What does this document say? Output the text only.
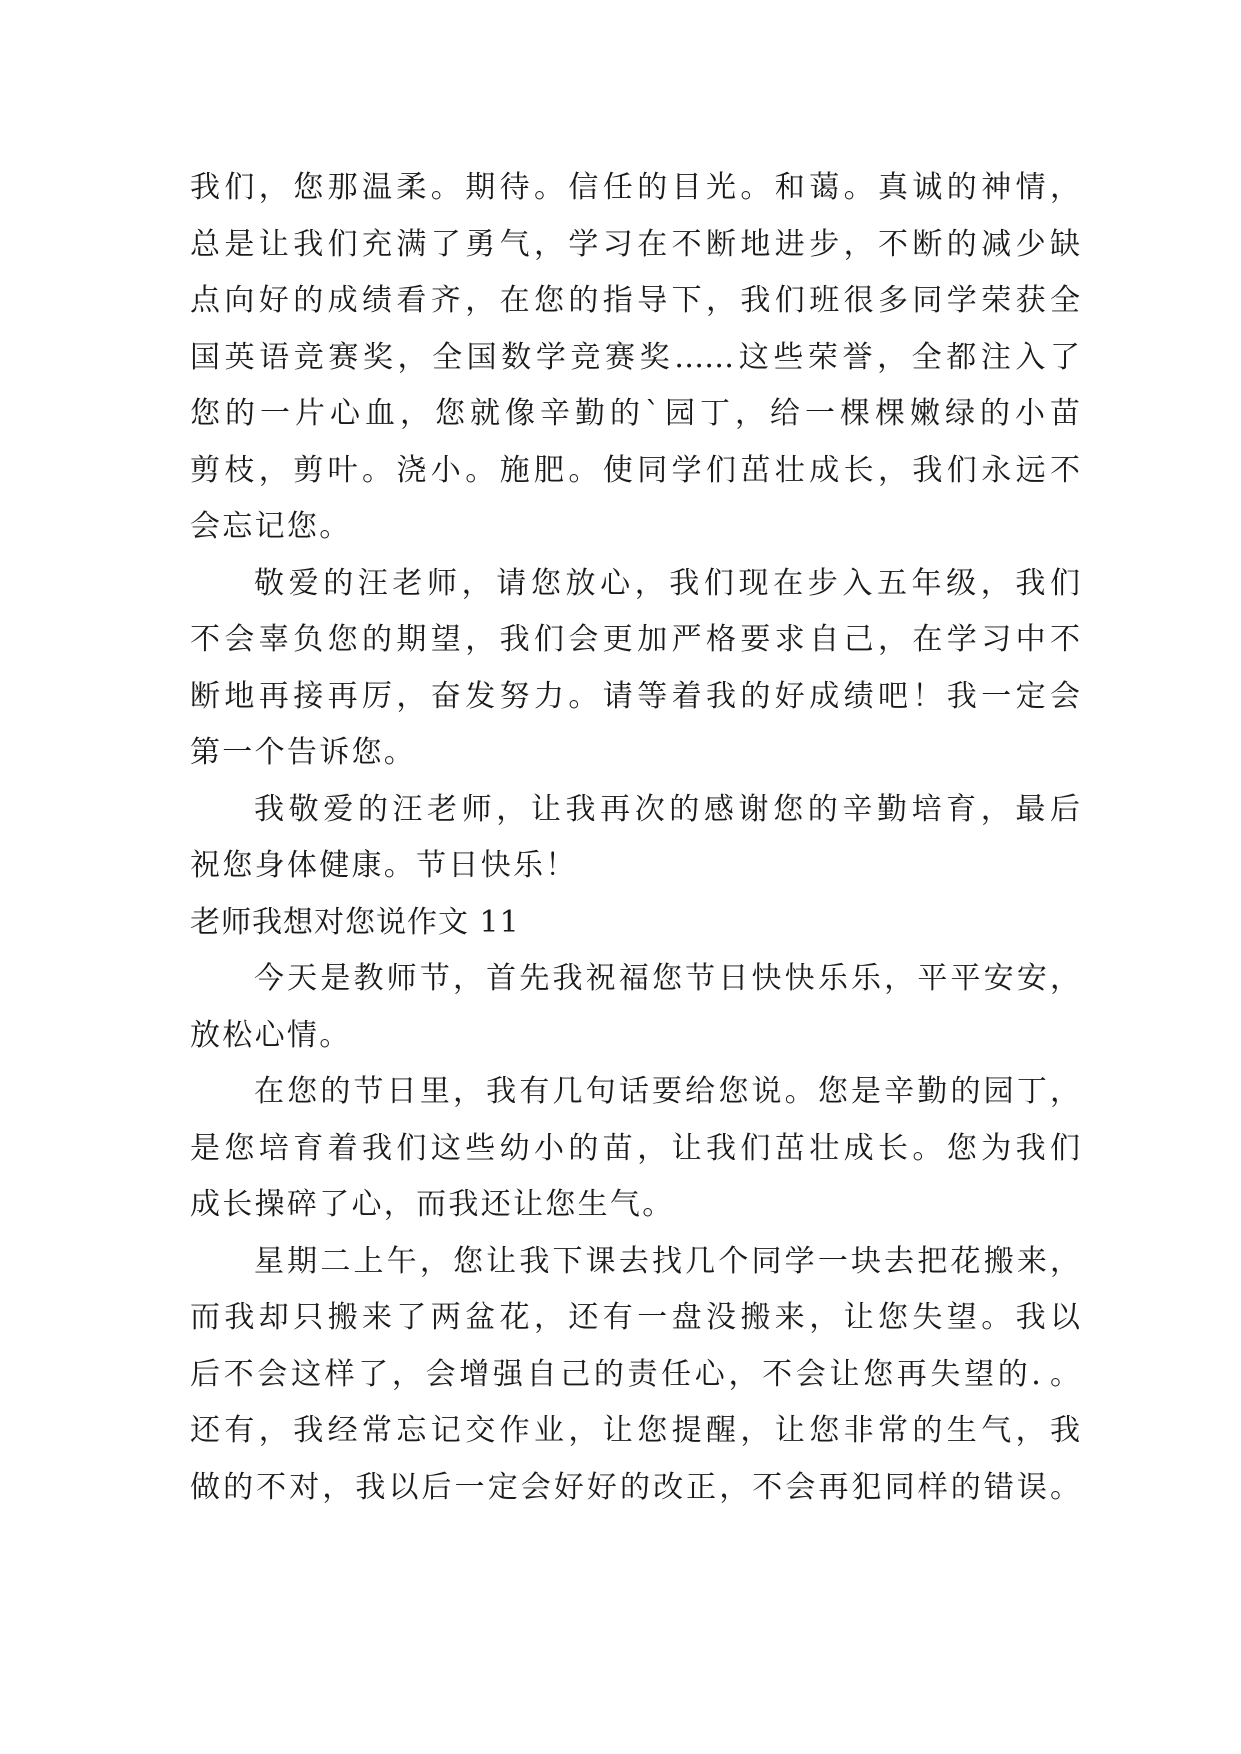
我们，您那温柔。期待。信任的目光。和蔼。真诚的神情，
总是让我们充满了勇气，学习在不断地进步，不断的减少缺
点向好的成绩看齐，在您的指导下，我们班很多同学荣获全
国英语竞赛奖，全国数学竞赛奖……这些荣誉，全都注入了
您的一片心血，您就像辛勤的`园丁，给一棵棵嫩绿的小苗
剪枝，剪叶。浇小。施肥。使同学们茁壮成长，我们永远不
会忘记您。
敬爱的汪老师，请您放心，我们现在步入五年级，我们
不会辜负您的期望，我们会更加严格要求自己，在学习中不
断地再接再厉，奋发努力。请等着我的好成绩吧！我一定会
第一个告诉您。
我敬爱的汪老师，让我再次的感谢您的辛勤培育，最后
祝您身体健康。节日快乐！
老师我想对您说作文 11
今天是教师节，首先我祝福您节日快快乐乐，平平安安，
放松心情。
在您的节日里，我有几句话要给您说。您是辛勤的园丁，
是您培育着我们这些幼小的苗，让我们茁壮成长。您为我们
成长操碎了心，而我还让您生气。
星期二上午，您让我下课去找几个同学一块去把花搬来，
而我却只搬来了两盆花，还有一盘没搬来，让您失望。我以
后不会这样了，会增强自己的责任心，不会让您再失望的．。
还有，我经常忘记交作业，让您提醒，让您非常的生气，我
做的不对，我以后一定会好好的改正，不会再犯同样的错误。
